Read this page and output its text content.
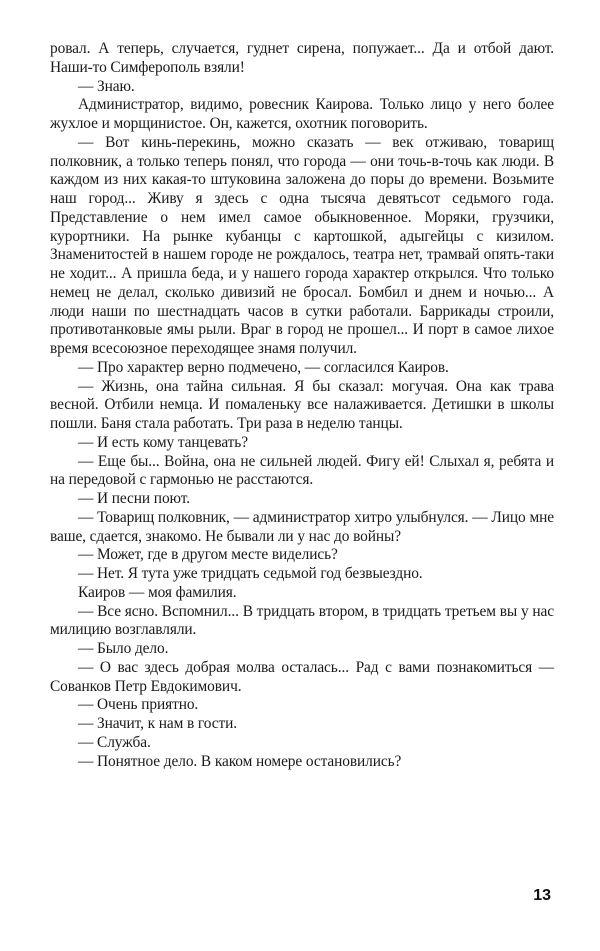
ровал. А теперь, случается, гуднет сирена, попужает... Да и отбой дают. Наши-то Симферополь взяли!

— Знаю.

Администратор, видимо, ровесник Каирова. Только лицо у него более жухлое и морщинистое. Он, кажется, охотник поговорить.

— Вот кинь-перекинь, можно сказать — век отживаю, товарищ полковник, а только теперь понял, что города — они точь-в-точь как люди. В каждом из них какая-то штуковина заложена до поры до времени. Возьмите наш город... Живу я здесь с одна тысяча девятьсот седьмого года. Представление о нем имел самое обыкновенное. Моряки, грузчики, курортники. На рынке кубанцы с картошкой, адыгейцы с кизилом. Знаменитостей в нашем городе не рождалось, театра нет, трамвай опять-таки не ходит... А пришла беда, и у нашего города характер открылся. Что только немец не делал, сколько дивизий не бросал. Бомбил и днем и ночью... А люди наши по шестнадцать часов в сутки работали. Баррикады строили, противотанковые ямы рыли. Враг в город не прошел... И порт в самое лихое время всесоюзное переходящее знамя получил.

— Про характер верно подмечено, — согласился Каиров.

— Жизнь, она тайна сильная. Я бы сказал: могучая. Она как трава весной. Отбили немца. И помаленьку все налаживается. Детишки в школы пошли. Баня стала работать. Три раза в неделю танцы.

— И есть кому танцевать?

— Еще бы... Война, она не сильней людей. Фигу ей! Слыхал я, ребята и на передовой с гармонью не расстаются.

— И песни поют.

— Товарищ полковник, — администратор хитро улыбнулся. — Лицо мне ваше, сдается, знакомо. Не бывали ли у нас до войны?

— Может, где в другом месте виделись?

— Нет. Я тута уже тридцать седьмой год безвыездно.

Каиров — моя фамилия.

— Все ясно. Вспомнил... В тридцать втором, в тридцать третьем вы у нас милицию возглавляли.

— Было дело.

— О вас здесь добрая молва осталась... Рад с вами познакомиться — Сованков Петр Евдокимович.

— Очень приятно.

— Значит, к нам в гости.

— Служба.

— Понятное дело. В каком номере остановились?

13
